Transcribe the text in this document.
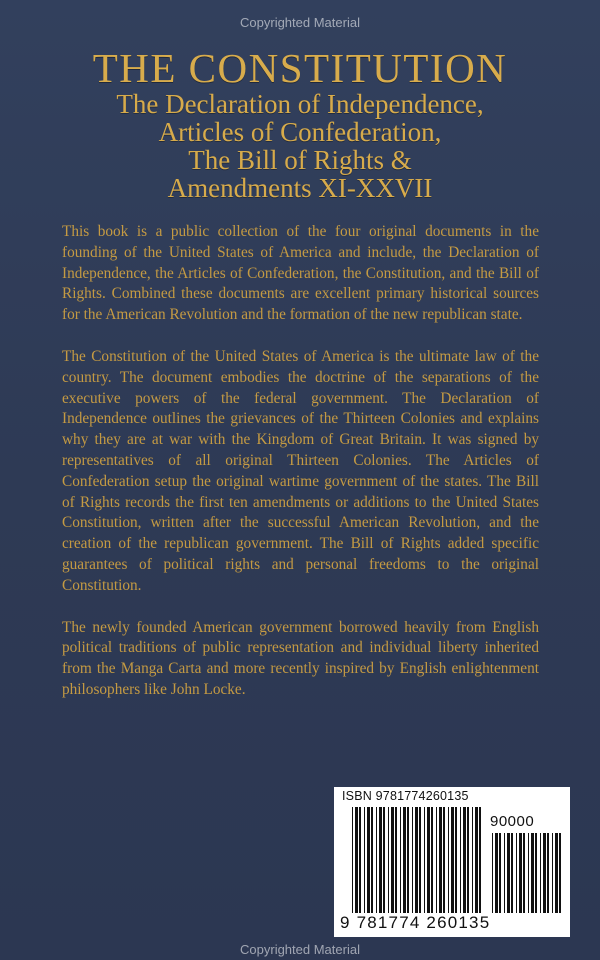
Copyrighted Material
THE CONSTITUTION
The Declaration of Independence,
Articles of Confederation,
The Bill of Rights &
Amendments XI-XXVII

This book is a public collection of the four original documents in the founding of the United States of America and include, the Declaration of Independence, the Articles of Confederation, the Constitution, and the Bill of Rights. Combined these documents are excellent primary historical sources for the American Revolution and the formation of the new republican state.

The Constitution of the United States of America is the ultimate law of the country. The document embodies the doctrine of the separations of the executive powers of the federal government. The Declaration of Independence outlines the grievances of the Thirteen Colonies and explains why they are at war with the Kingdom of Great Britain. It was signed by representatives of all original Thirteen Colonies. The Articles of Confederation setup the original wartime government of the states. The Bill of Rights records the first ten amendments or additions to the United States Constitution, written after the successful American Revolution, and the creation of the republican government. The Bill of Rights added specific guarantees of political rights and personal freedoms to the original Constitution.

The newly founded American government borrowed heavily from English political traditions of public representation and individual liberty inherited from the Manga Carta and more recently inspired by English enlightenment philosophers like John Locke.

ISBN 9781774260135
90000
9 781774 260135
Copyrighted Material
